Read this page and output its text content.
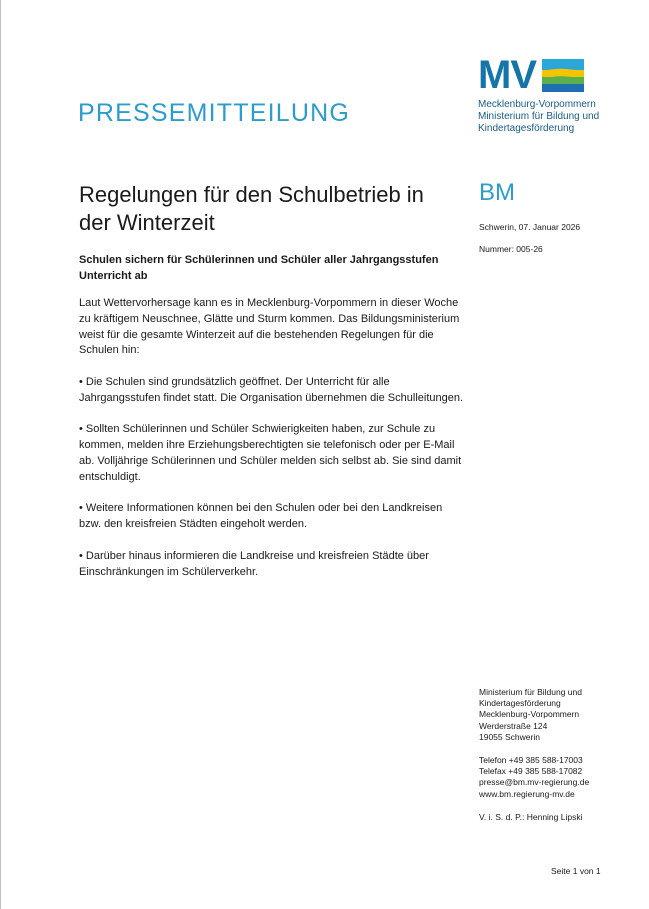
PRESSEMITTEILUNG
MV
Mecklenburg-Vorpommern
Ministerium für Bildung und
Kindertagesförderung
Regelungen für den Schulbetrieb in der Winterzeit
BM
Schwerin, 07. Januar 2026
Nummer: 005-26
Schulen sichern für Schülerinnen und Schüler aller Jahrgangsstufen Unterricht ab

Laut Wettervorhersage kann es in Mecklenburg-Vorpommern in dieser Woche zu kräftigem Neuschnee, Glätte und Sturm kommen. Das Bildungsministerium weist für die gesamte Winterzeit auf die bestehenden Regelungen für die Schulen hin:

• Die Schulen sind grundsätzlich geöffnet. Der Unterricht für alle Jahrgangsstufen findet statt. Die Organisation übernehmen die Schulleitungen.

• Sollten Schülerinnen und Schüler Schwierigkeiten haben, zur Schule zu kommen, melden ihre Erziehungsberechtigten sie telefonisch oder per E-Mail ab. Volljährige Schülerinnen und Schüler melden sich selbst ab. Sie sind damit entschuldigt.

• Weitere Informationen können bei den Schulen oder bei den Landkreisen bzw. den kreisfreien Städten eingeholt werden.

• Darüber hinaus informieren die Landkreise und kreisfreien Städte über Einschränkungen im Schülerverkehr.

Ministerium für Bildung und
Kindertagesförderung
Mecklenburg-Vorpommern
Werderstraße 124
19055 Schwerin
Telefon +49 385 588-17003
Telefax +49 385 588-17082
presse@bm.mv-regierung.de
www.bm.regierung-mv.de
V. i. S. d. P.: Henning Lipski
Seite 1 von 1
